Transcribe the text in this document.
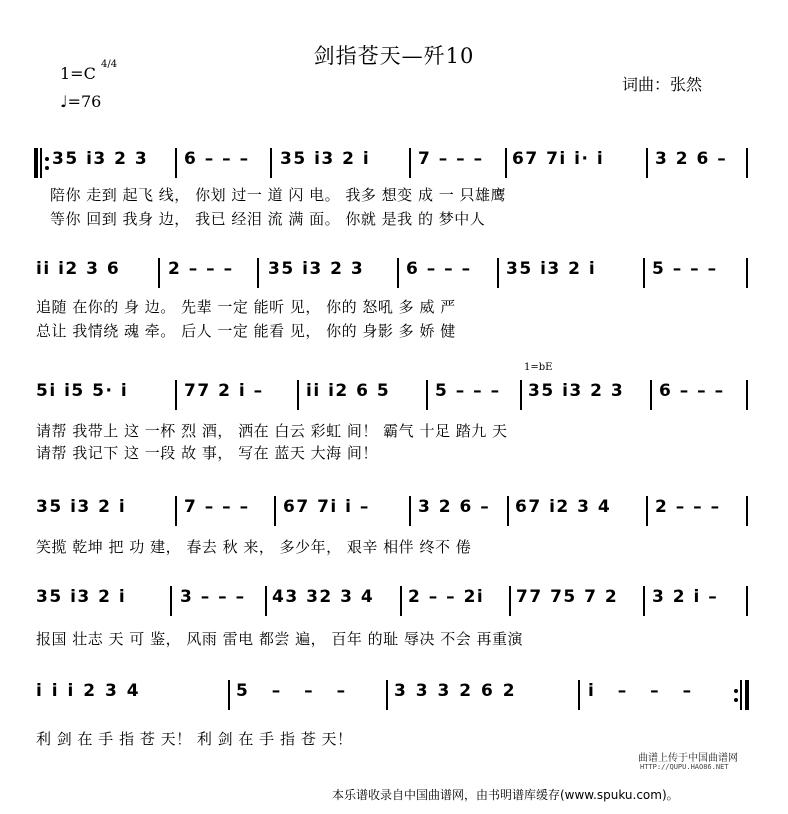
剑指苍天—歼10
1=C 4/4
♩=76
词曲：张然
35 i3 2 3 6 – – – 35 i3 2 i	7 – – – 67 7i i· i	3 2 6 –
陪你 走到 起飞 线， 你划 过一 道 闪 电。 我多 想变 成 一 只雄鹰
等你 回到 我身 边， 我已 经泪 流 满 面。 你就 是我 的 梦中人
ii i2 3 6	2 – – – 35 i3 2 3 6 – – – 35 i3 2 i	5 – – –
追随 在你的 身 边。 先辈 一定 能听 见， 你的 怒吼 多 威 严
总让 我情绕 魂 牵。 后人 一定 能看 见， 你的 身影 多 娇 健
1=bE
5i i5 5· i	77 2 i – ii i2 6 5	5 – – – 35 i3 2 3 6 – – –
请帮 我带上 这 一杯 烈 酒， 洒在 白云 彩虹 间！ 霸气 十足 踏九 天
请帮 我记下 这 一段 故 事， 写在 蓝天 大海 间！
35 i3 2 i	7 – – – 67 7i i –	3 2 6 – 67 i2 3 4	2 – – –
笑揽 乾坤 把 功 建， 春去 秋 来， 多少年， 艰辛 相伴 终不 倦
35 i3 2 i	3 – – – 43 32 3 4 2 – – 2i 77 75 7 2 3 2 i –
报国 壮志 天 可 鉴， 风雨 雷电 都尝 遍， 百年 的耻 辱决 不会 再重演
i i i 2 3 4	5 – – – 3 3 3 2 6 2	i – – –
利 剑 在 手 指 苍 天！ 利 剑 在 手 指 苍 天！
曲谱上传于中国曲谱网
HTTP://QUPU.HAO86.NET
本乐谱收录自中国曲谱网，由书明谱库缓存(www.spuku.com)。
